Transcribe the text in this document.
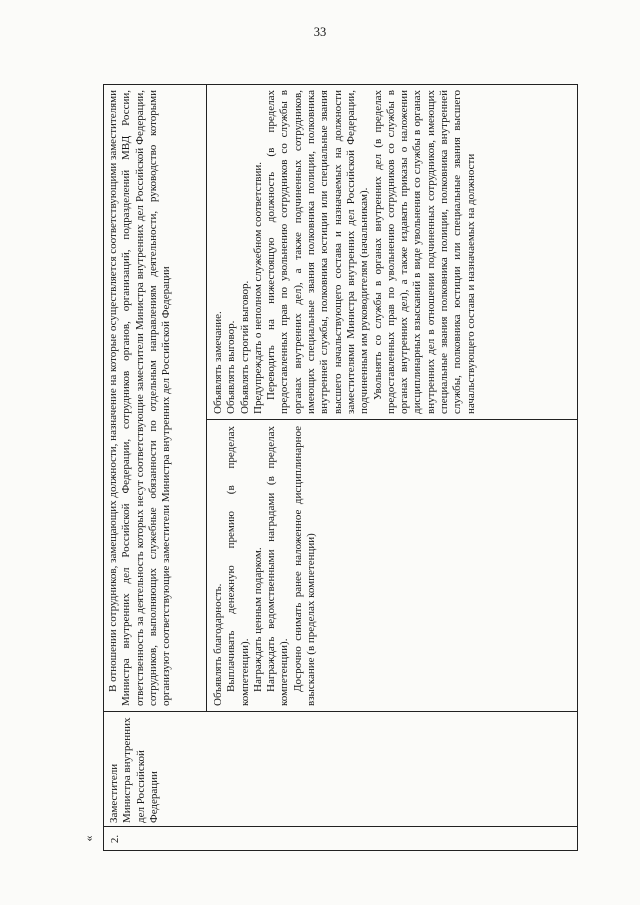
33
«	2.
Заместители Министра внутренних дел Российской Федерации

В отношении сотрудников, замещающих должности, назначение на которые осуществляется соответствующими заместителями Министра внутренних дел Российской Федерации, сотрудников органов, организаций, подразделений МВД России, ответственность за деятельность которых несут соответствующие заместители Министра внутренних дел Российской Федерации, сотрудников, выполняющих служебные обязанности по отдельным направлениям деятельности, руководство которыми организуют соответствующие заместители Министра внутренних дел Российской Федерации	Объявлять благодарность. Выплачивать денежную премию (в пределах компетенции). Награждать ценным подарком. Награждать ведомственными наградами (в пределах компетенции). Досрочно снимать ранее наложенное дисциплинарное взыскание (в пределах компетенции)

Объявлять замечание. Объявлять выговор. Объявлять строгий выговор. Предупреждать о неполном служебном соответствии. Переводить на нижестоящую должность (в пределах предоставленных прав по увольнению сотрудников со службы в органах внутренних дел), а также подчиненных сотрудников, имеющих специальные звания полковника полиции, полковника внутренней службы, полковника юстиции или специальные звания высшего начальствующего состава и назначаемых на должности заместителями Министра внутренних дел Российской Федерации, подчиненным им руководителям (начальникам). Увольнять со службы в органах внутренних дел (в пределах предоставленных прав по увольнению сотрудников со службы в органах внутренних дел), а также издавать приказы о наложении дисциплинарных взысканий в виде увольнения со службы в органах внутренних дел в отношении подчиненных сотрудников, имеющих специальные звания полковника полиции, полковника внутренней службы, полковника юстиции или специальные звания высшего начальствующего состава и назначаемых на должности
